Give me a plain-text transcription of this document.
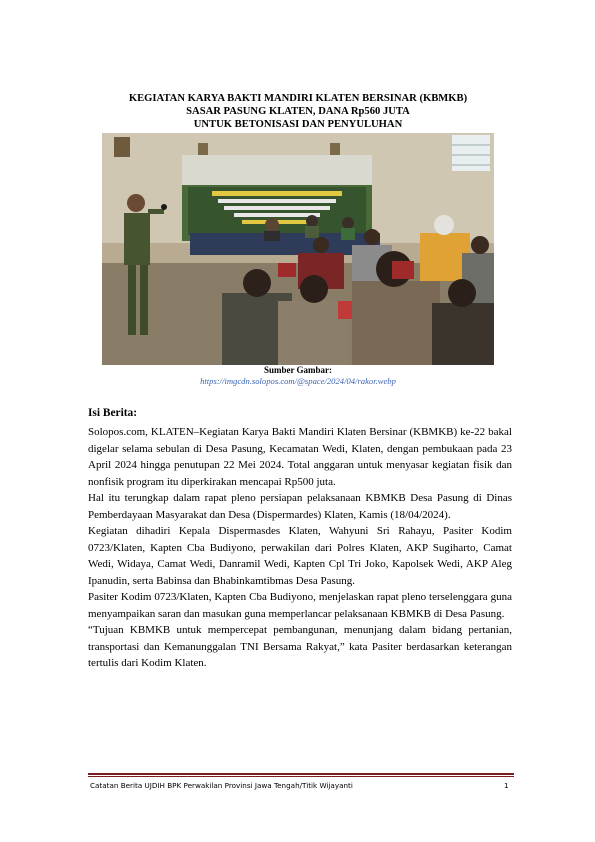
KEGIATAN KARYA BAKTI MANDIRI KLATEN BERSINAR (KBMKB)
SASAR PASUNG KLATEN, DANA Rp560 JUTA
UNTUK BETONISASI DAN PENYULUHAN
Sumber Gambar:
https://imgcdn.solopos.com/@space/2024/04/rakor.webp
Isi Berita:

Solopos.com, KLATEN–Kegiatan Karya Bakti Mandiri Klaten Bersinar (KBMKB) ke-22 bakal digelar selama sebulan di Desa Pasung, Kecamatan Wedi, Klaten, dengan pembukaan pada 23 April 2024 hingga penutupan 22 Mei 2024. Total anggaran untuk menyasar kegiatan fisik dan nonfisik program itu diperkirakan mencapai Rp500 juta.

Hal itu terungkap dalam rapat pleno persiapan pelaksanaan KBMKB Desa Pasung di Dinas Pemberdayaan Masyarakat dan Desa (Dispermardes) Klaten, Kamis (18/04/2024).

Kegiatan dihadiri Kepala Dispermasdes Klaten, Wahyuni Sri Rahayu, Pasiter Kodim 0723/Klaten, Kapten Cba Budiyono, perwakilan dari Polres Klaten, AKP Sugiharto, Camat Wedi, Widaya, Camat Wedi, Danramil Wedi, Kapten Cpl Tri Joko, Kapolsek Wedi, AKP Aleg Ipanudin, serta Babinsa dan Bhabinkamtibmas Desa Pasung.

Pasiter Kodim 0723/Klaten, Kapten Cba Budiyono, menjelaskan rapat pleno terselenggara guna menyampaikan saran dan masukan guna memperlancar pelaksanaan KBMKB di Desa Pasung.

“Tujuan KBMKB untuk mempercepat pembangunan, menunjang dalam bidang pertanian, transportasi dan Kemanunggalan TNI Bersama Rakyat,” kata Pasiter berdasarkan keterangan tertulis dari Kodim Klaten.

Catatan Berita UJDIH BPK Perwakilan Provinsi Jawa Tengah/Titik Wijayanti	1
